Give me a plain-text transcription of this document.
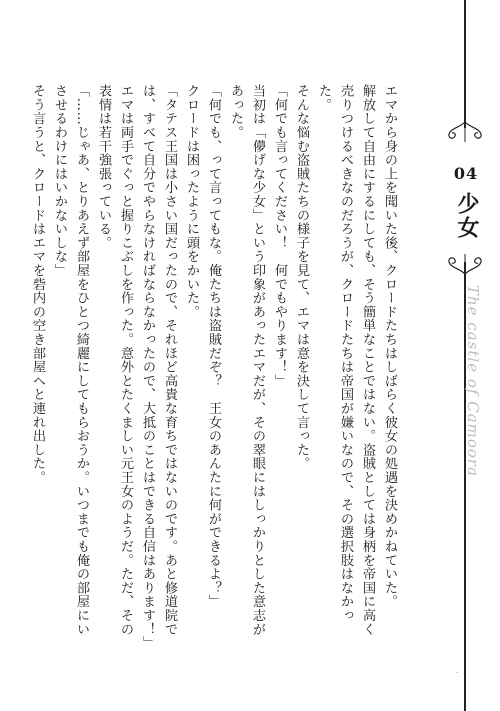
エマから身の上を聞いた後、クロードたちはしばらく彼女の処遇を決めかねていた。

解放して自由にするにしても、そう簡単なことではない。盗賊としては身柄を帝国に高く売りつけるべきなのだろうが、クロードたちは帝国が嫌いなので、その選択肢はなかった。

そんな悩む盗賊たちの様子を見て、エマは意を決して言った。

「何でも言ってください！　何でもやります！」

当初は「儚げな少女」という印象があったエマだが、その翠眼にはしっかりとした意志があった。

「何でも、って言ってもな。俺たちは盗賊だぞ？　王女のあんたに何ができるよ？」

クロードは困ったように頭をかいた。

「タテス王国は小さい国だったので、それほど高貴な育ちではないのです。あと修道院では、すべて自分でやらなければならなかったので、大抵のことはできる自信はあります！」

エマは両手でぐっと握りこぶしを作った。意外とたくましい元王女のようだ。ただ、その表情は若干強張っている。

「……じゃあ、とりあえず部屋をひとつ綺麗にしてもらおうか。いつまでも俺の部屋にいさせるわけにはいかないしな」

そう言うと、クロードはエマを砦内の空き部屋へと連れ出した。	04
少女
The castle of Camoora
・
